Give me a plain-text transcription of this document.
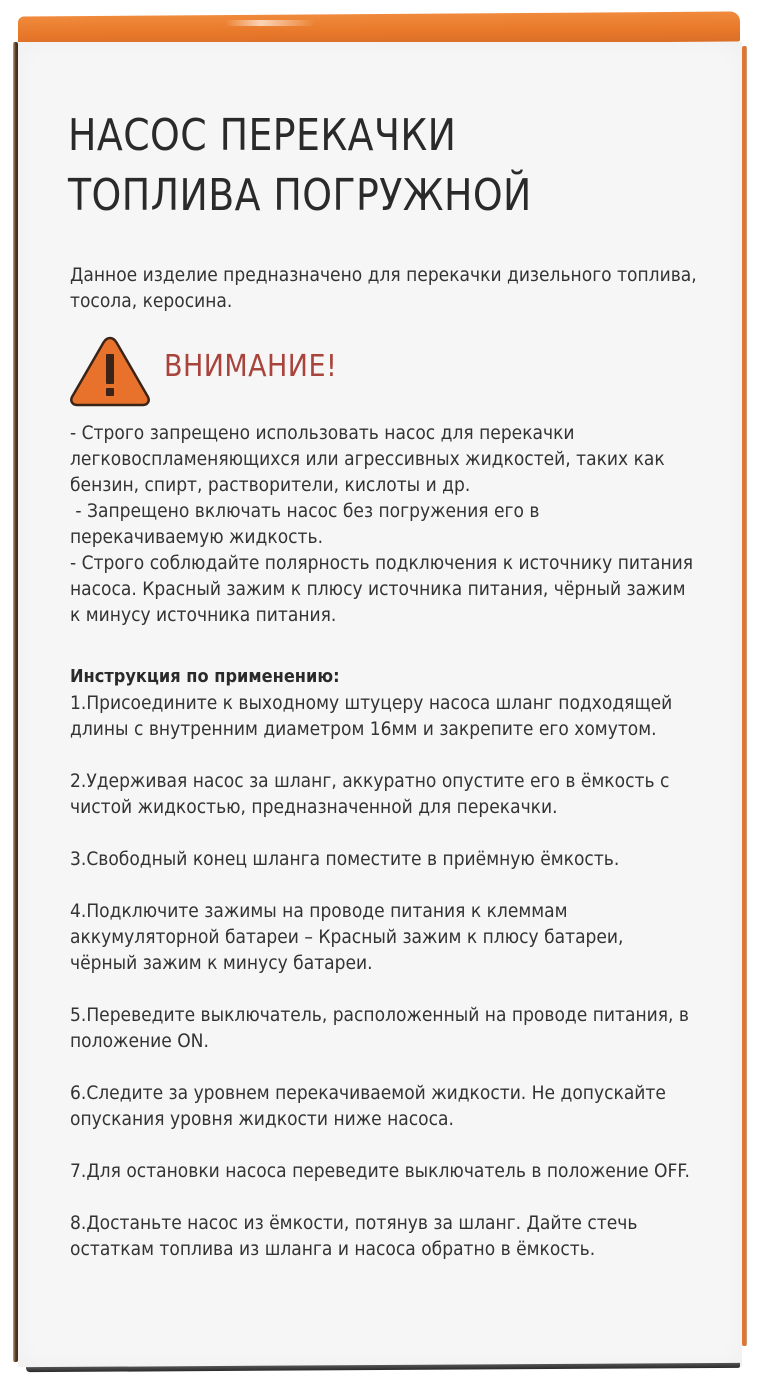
НАСОС ПЕРЕКАЧКИ
ТОПЛИВА ПОГРУЖНОЙ

Данное изделие предназначено для перекачки дизельного топлива,
тосола, керосина.

ВНИМАНИЕ!
- Строго запрещено использовать насос для перекачки
легковоспламеняющихся или агрессивных жидкостей, таких как
бензин, спирт, растворители, кислоты и др.
- Запрещено включать насос без погружения его в
перекачиваемую жидкость.
- Строго соблюдайте полярность подключения к источнику питания
насоса. Красный зажим к плюсу источника питания, чёрный зажим
к минусу источника питания.

Инструкция по применению:

1.Присоедините к выходному штуцеру насоса шланг подходящей
длины с внутренним диаметром 16мм и закрепите его хомутом.
2.Удерживая насос за шланг, аккуратно опустите его в ёмкость с
чистой жидкостью, предназначенной для перекачки.
3.Свободный конец шланга поместите в приёмную ёмкость.
4.Подключите зажимы на проводе питания к клеммам
аккумуляторной батареи – Красный зажим к плюсу батареи,
чёрный зажим к минусу батареи.
5.Переведите выключатель, расположенный на проводе питания, в
положение ON.
6.Следите за уровнем перекачиваемой жидкости. Не допускайте
опускания уровня жидкости ниже насоса.
7.Для остановки насоса переведите выключатель в положение OFF.
8.Достаньте насос из ёмкости, потянув за шланг. Дайте стечь
остаткам топлива из шланга и насоса обратно в ёмкость.
